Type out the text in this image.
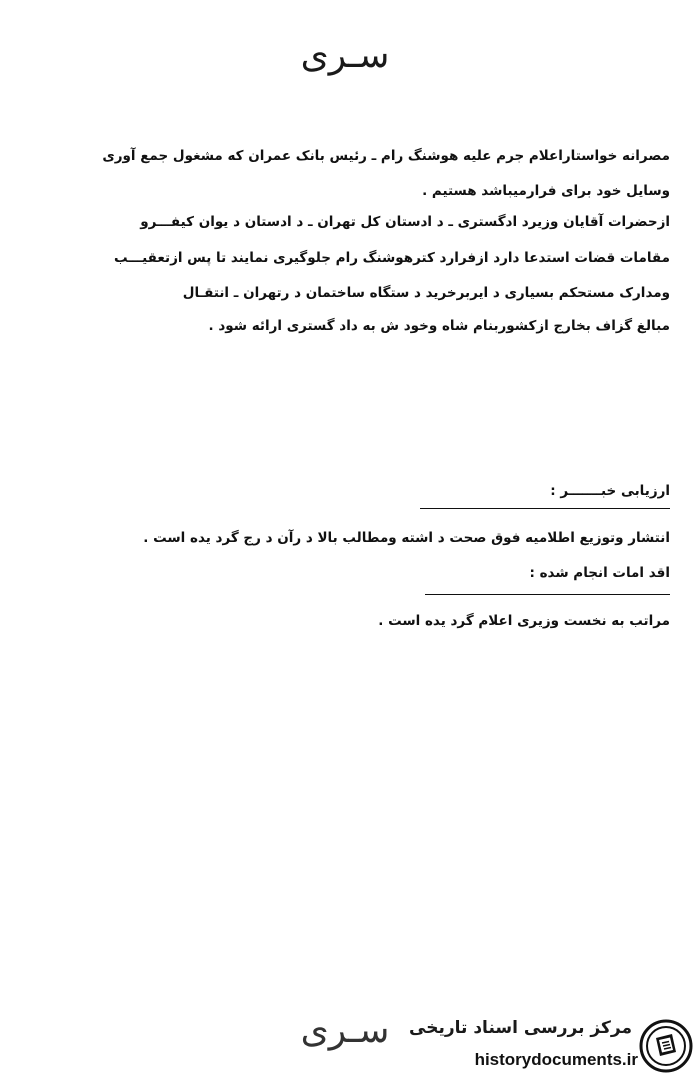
سـری
مصرانه خواستاراعلام جرم علیه هوشنگ رام ـ رئیس بانک عمران که مشغول جمع آوری
وسایل خود برای فرارمیباشد هستیم .
ازحضرات آقایان وزیرد ادگستری ـ د ادستان کل تهران ـ د ادستان د یوان کیفـــرو
مقامات قضات استدعا دارد ازفرارد کترهوشنگ رام جلوگیری نمایند تا پس ازتعقیـــب
ومدارک مستحکم بسیاری د ایربرخرید د ستگاه ساختمان د رتهران ـ انتقـال
مبالغ گزاف بخارج ازکشوربنام شاه وخود ش به داد گستری ارائه شود .
ارزیابی خبـــــــر :
انتشار وتوزیع اطلامیه فوق صحت د اشته ومطالب بالا د رآن د رج گرد یده است .
اقد امات انجام شده :
مراتب به نخست وزیری اعلام گرد یده است .
سـری	مرکز بررسی اسناد تاریخی
historydocuments.ir
